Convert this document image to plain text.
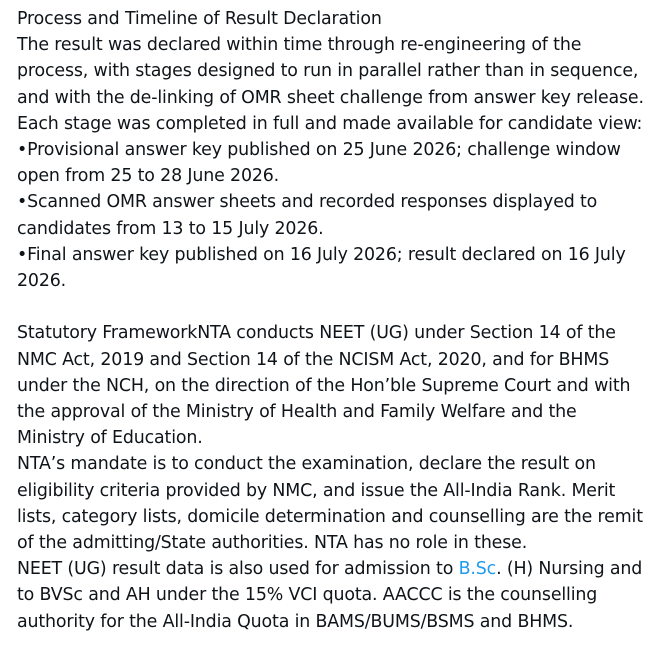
Process and Timeline of Result Declaration
The result was declared within time through re-engineering of the
process, with stages designed to run in parallel rather than in sequence,
and with the de-linking of OMR sheet challenge from answer key release.
Each stage was completed in full and made available for candidate view:
•Provisional answer key published on 25 June 2026; challenge window
open from 25 to 28 June 2026.
•Scanned OMR answer sheets and recorded responses displayed to
candidates from 13 to 15 July 2026.
•Final answer key published on 16 July 2026; result declared on 16 July
2026.
Statutory FrameworkNTA conducts NEET (UG) under Section 14 of the
NMC Act, 2019 and Section 14 of the NCISM Act, 2020, and for BHMS
under the NCH, on the direction of the Hon’ble Supreme Court and with
the approval of the Ministry of Health and Family Welfare and the
Ministry of Education.
NTA’s mandate is to conduct the examination, declare the result on
eligibility criteria provided by NMC, and issue the All-India Rank. Merit
lists, category lists, domicile determination and counselling are the remit
of the admitting/State authorities. NTA has no role in these.
NEET (UG) result data is also used for admission to B.Sc. (H) Nursing and
to BVSc and AH under the 15% VCI quota. AACCC is the counselling
authority for the All-India Quota in BAMS/BUMS/BSMS and BHMS.
